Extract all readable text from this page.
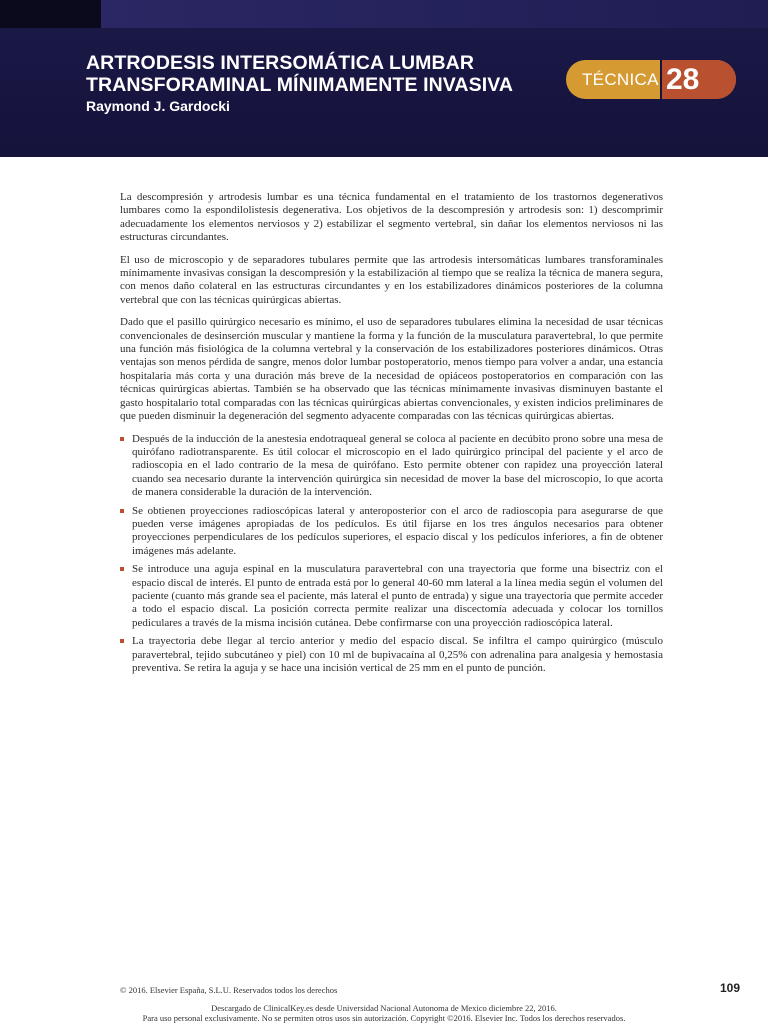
ARTRODESIS INTERSOMÁTICA LUMBAR
TRANSFORAMINAL MÍNIMAMENTE INVASIVA
Raymond J. Gardocki
TÉCNICA 28

La descompresión y artrodesis lumbar es una técnica fundamental en el tratamiento de los trastornos degenerativos lumbares como la espondilolistesis degenerativa. Los objetivos de la descompresión y artrodesis son: 1) descomprimir adecuadamente los elementos nerviosos y 2) estabilizar el segmento vertebral, sin dañar los elementos nerviosos ni las estructuras circundantes.

El uso de microscopio y de separadores tubulares permite que las artrodesis intersomáticas lumbares transforaminales mínimamente invasivas consigan la descompresión y la estabilización al tiempo que se realiza la técnica de manera segura, con menos daño colateral en las estructuras circundantes y en los estabilizadores dinámicos posteriores de la columna vertebral que con las técnicas quirúrgicas abiertas.

Dado que el pasillo quirúrgico necesario es mínimo, el uso de separadores tubulares elimina la necesidad de usar técnicas convencionales de desinserción muscular y mantiene la forma y la función de la musculatura paravertebral, lo que permite una función más fisiológica de la columna vertebral y la conservación de los estabilizadores posteriores dinámicos. Otras ventajas son menos pérdida de sangre, menos dolor lumbar postoperatorio, menos tiempo para volver a andar, una estancia hospitalaria más corta y una duración más breve de la necesidad de opiáceos postoperatorios en comparación con las técnicas quirúrgicas abiertas. También se ha observado que las técnicas mínimamente invasivas disminuyen bastante el gasto hospitalario total comparadas con las técnicas quirúrgicas abiertas convencionales, y existen indicios preliminares de que pueden disminuir la degeneración del segmento adyacente comparadas con las técnicas quirúrgicas abiertas.

Después de la inducción de la anestesia endotraqueal general se coloca al paciente en decúbito prono sobre una mesa de quirófano radiotransparente. Es útil colocar el microscopio en el lado quirúrgico principal del paciente y el arco de radioscopia en el lado contrario de la mesa de quirófano. Esto permite obtener con rapidez una proyección lateral cuando sea necesario durante la intervención quirúrgica sin necesidad de mover la base del microscopio, lo que acorta de manera considerable la duración de la intervención.
Se obtienen proyecciones radioscópicas lateral y anteroposterior con el arco de radioscopia para asegurarse de que pueden verse imágenes apropiadas de los pedículos. Es útil fijarse en los tres ángulos necesarios para obtener proyecciones perpendiculares de los pedículos superiores, el espacio discal y los pedículos inferiores, a fin de obtener imágenes más adelante.
Se introduce una aguja espinal en la musculatura paravertebral con una trayectoria que forme una bisectriz con el espacio discal de interés. El punto de entrada está por lo general 40-60 mm lateral a la línea media según el volumen del paciente (cuanto más grande sea el paciente, más lateral el punto de entrada) y sigue una trayectoria que permite acceder a todo el espacio discal. La posición correcta permite realizar una discectomía adecuada y colocar los tornillos pediculares a través de la misma incisión cutánea. Debe confirmarse con una proyección radioscópica lateral.
La trayectoria debe llegar al tercio anterior y medio del espacio discal. Se infiltra el campo quirúrgico (músculo paravertebral, tejido subcutáneo y piel) con 10 ml de bupivacaína al 0,25% con adrenalina para analgesia y hemostasia preventiva. Se retira la aguja y se hace una incisión vertical de 25 mm en el punto de punción.
© 2016. Elsevier España, S.L.U. Reservados todos los derechos	109
Descargado de ClinicalKey.es desde Universidad Nacional Autonoma de Mexico diciembre 22, 2016.
Para uso personal exclusivamente. No se permiten otros usos sin autorización. Copyright ©2016. Elsevier Inc. Todos los derechos reservados.
